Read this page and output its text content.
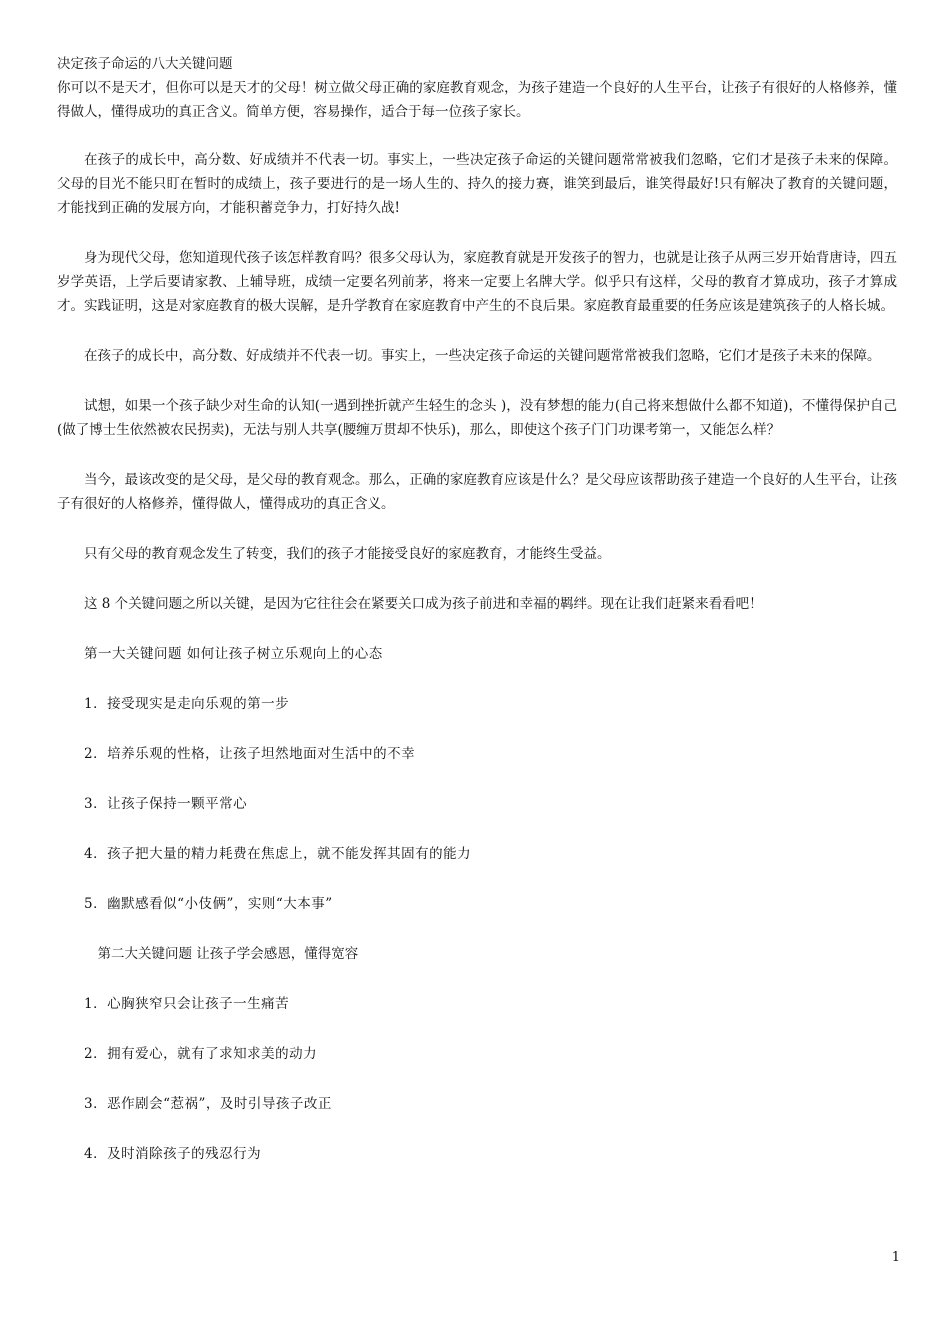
决定孩子命运的八大关键问题

你可以不是天才，但你可以是天才的父母！树立做父母正确的家庭教育观念，为孩子建造一个良好的人生平台，让孩子有很好的人格修养，懂得做人，懂得成功的真正含义。简单方便，容易操作，适合于每一位孩子家长。

在孩子的成长中，高分数、好成绩并不代表一切。事实上，一些决定孩子命运的关键问题常常被我们忽略，它们才是孩子未来的保障。 父母的目光不能只盯在暂时的成绩上，孩子要进行的是一场人生的、持久的接力赛，谁笑到最后，谁笑得最好!只有解决了教育的关键问题，才能找到正确的发展方向，才能积蓄竞争力，打好持久战!

身为现代父母，您知道现代孩子该怎样教育吗？很多父母认为，家庭教育就是开发孩子的智力，也就是让孩子从两三岁开始背唐诗，四五岁学英语，上学后要请家教、上辅导班，成绩一定要名列前茅，将来一定要上名牌大学。似乎只有这样，父母的教育才算成功，孩子才算成才。实践证明，这是对家庭教育的极大误解，是升学教育在家庭教育中产生的不良后果。家庭教育最重要的任务应该是建筑孩子的人格长城。

在孩子的成长中，高分数、好成绩并不代表一切。事实上，一些决定孩子命运的关键问题常常被我们忽略，它们才是孩子未来的保障。

试想，如果一个孩子缺少对生命的认知(一遇到挫折就产生轻生的念头 )，没有梦想的能力(自己将来想做什么都不知道)，不懂得保护自己(做了博士生依然被农民拐卖)，无法与别人共享(腰缠万贯却不快乐)，那么，即使这个孩子门门功课考第一，又能怎么样？

当今，最该改变的是父母，是父母的教育观念。那么，正确的家庭教育应该是什么？是父母应该帮助孩子建造一个良好的人生平台，让孩子有很好的人格修养，懂得做人，懂得成功的真正含义。

只有父母的教育观念发生了转变，我们的孩子才能接受良好的家庭教育，才能终生受益。

这 8 个关键问题之所以关键，是因为它往往会在紧要关口成为孩子前进和幸福的羁绊。现在让我们赶紧来看看吧！

第一大关键问题 如何让孩子树立乐观向上的心态

1．接受现实是走向乐观的第一步

2．培养乐观的性格，让孩子坦然地面对生活中的不幸

3．让孩子保持一颗平常心

4．孩子把大量的精力耗费在焦虑上，就不能发挥其固有的能力

5．幽默感看似“小伎俩”，实则“大本事”

第二大关键问题 让孩子学会感恩，懂得宽容

1．心胸狭窄只会让孩子一生痛苦

2．拥有爱心，就有了求知求美的动力

3．恶作剧会“惹祸”，及时引导孩子改正

4．及时消除孩子的残忍行为

1
